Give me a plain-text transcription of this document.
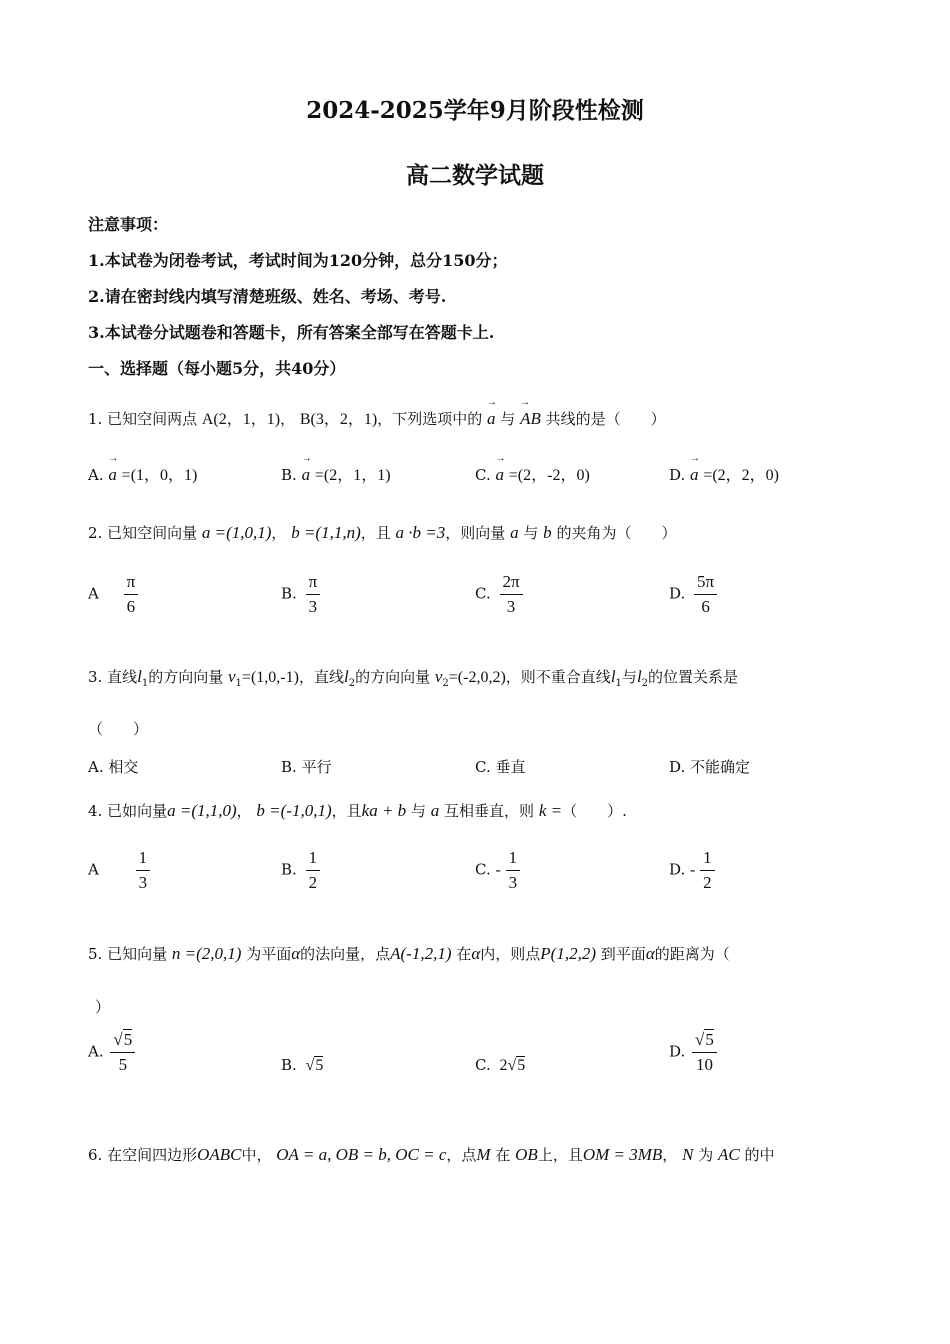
2024-2025学年9月阶段性检测
高二数学试题
注意事项：
1.本试卷为闭卷考试，考试时间为120分钟，总分150分；
2.请在密封线内填写清楚班级、姓名、考场、考号.
3.本试卷分试题卷和答题卡，所有答案全部写在答题卡上.
一、选择题（每小题5分，共40分）
1. 已知空间两点 A(2，1，1)， B(3，2，1)，下列选项中的 → a 与 → AB 共线的是（　　）
A. → a =(1，0，1)	B. → a =(2，1，1)	C. → a =(2，-2，0)	D. → a =(2，2，0)
2. 已知空间向量 a =(1,0,1)， b =(1,1,n)，且 a ·b =3，则向量 a 与 b 的夹角为（　　）
A $\frac{\pi}{6}$	B. $\frac{\pi}{3}$	C. $\frac{2\pi}{3}$	D. $\frac{5\pi}{6}$
3. 直线$l_1$的方向向量 $v_1=(1,0,-1)$，直线$l_2$的方向向量 $v_2=(-2,0,2)$，则不重合直线$l_1$与$l_2$的位置关系是
（　　）
A. 相交	B. 平行	C. 垂直	D. 不能确定
4. 已如向量a =(1,1,0)， b =(-1,0,1)，且ka + b 与 a 互相垂直，则 k =（　　）.
A $\frac{1}{3}$	B. $\frac{1}{2}$	C. - $\frac{1}{3}$	D. - $\frac{1}{2}$
5. 已知向量 n =(2,0,1) 为平面α的法向量，点A(-1,2,1) 在α内，则点P(1,2,2) 到平面α的距离为（
）
A. $\frac{√5}{5}$	B. √5	C. 2√5
D. $\frac{√5}{10}$
6. 在空间四边形OABC中， OA = a, OB = b, OC = c，点M 在 OB上，且OM = 3MB， N 为 AC 的中
